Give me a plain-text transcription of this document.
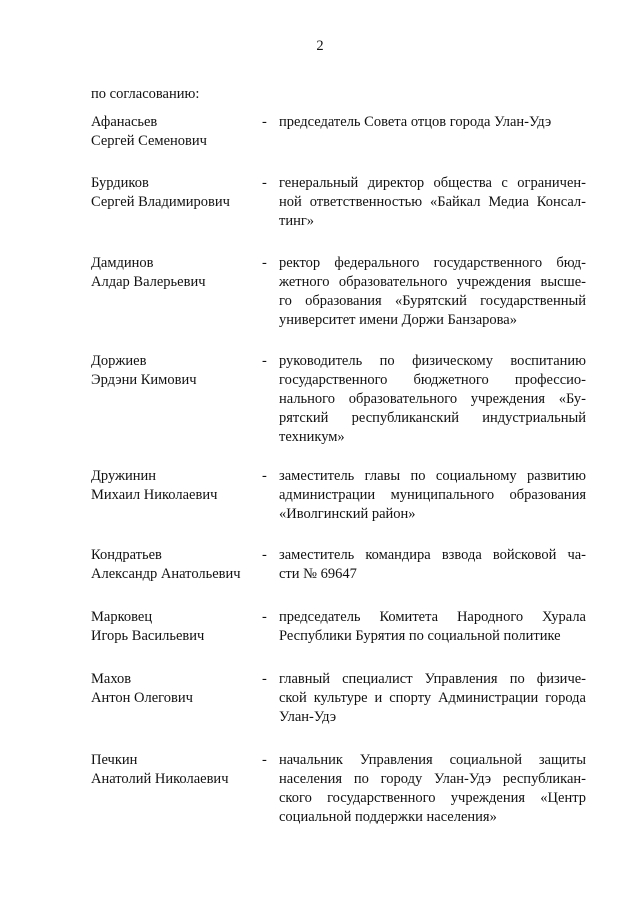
2
по согласованию:
Афанасьев
Сергей Семенович
- председатель Совета отцов города Улан-Удэ
Бурдиков
Сергей Владимирович
- генеральный директор общества с ограничен-
ной ответственностью «Байкал Медиа Консал-
тинг»
Дамдинов
Алдар Валерьевич
- ректор федерального государственного бюд-
жетного образовательного учреждения высше-
го образования «Бурятский государственный
университет имени Доржи Банзарова»
Доржиев
Эрдэни Кимович
- руководитель по физическому воспитанию
государственного бюджетного профессио-
нального образовательного учреждения «Бу-
рятский республиканский индустриальный
техникум»
Дружинин
Михаил Николаевич
- заместитель главы по социальному развитию
администрации муниципального образования
«Иволгинский район»
Кондратьев
Александр Анатольевич
- заместитель командира взвода войсковой ча-
сти № 69647
Марковец
Игорь Васильевич
- председатель Комитета Народного Хурала
Республики Бурятия по социальной политике
Махов
Антон Олегович
- главный специалист Управления по физиче-
ской культуре и спорту Администрации города
Улан-Удэ
Печкин
Анатолий Николаевич
- начальник Управления социальной защиты
населения по городу Улан-Удэ республикан-
ского государственного учреждения «Центр
социальной поддержки населения»
